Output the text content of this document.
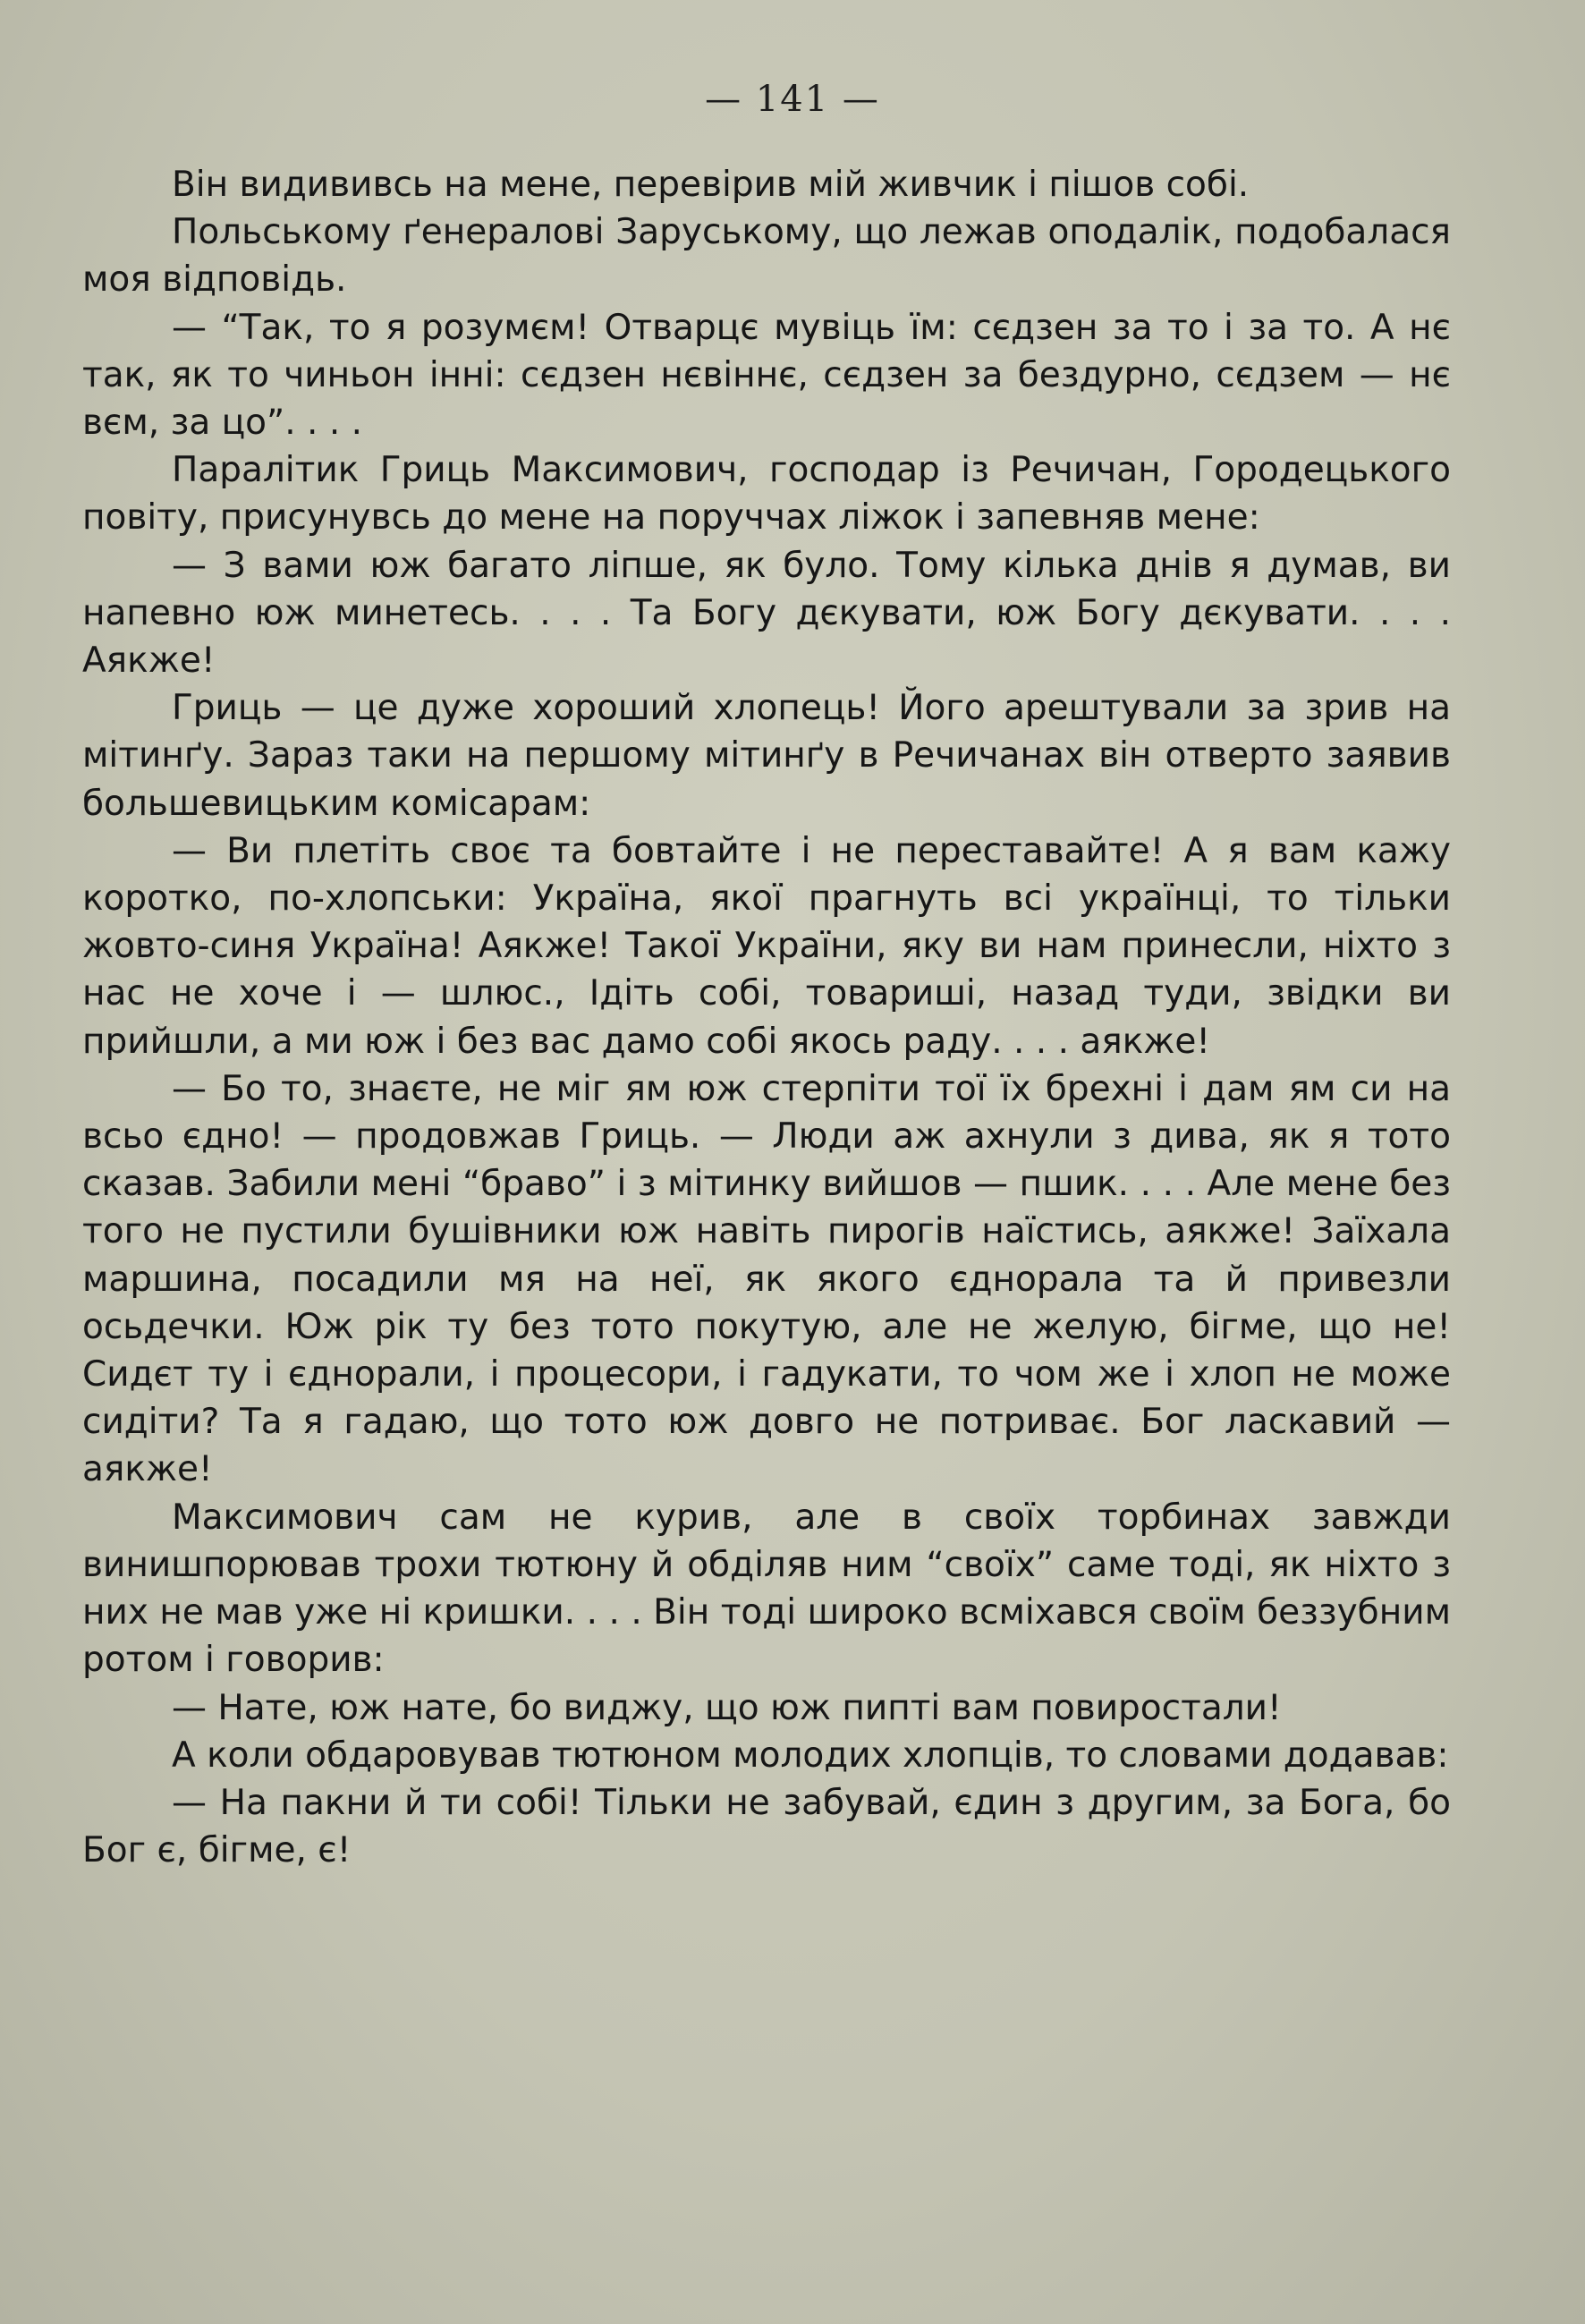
— 141 —

Він видививсь на мене, перевірив мій живчик і пішов собі.

Польському ґенералові Заруському, що лежав оподалік, подобалася моя відповідь.

— “Так, то я розумєм! Отварцє мувіць їм: сєдзен за то і за то. А нє так, як то чиньон інні: сєдзен нєвіннє, сєдзен за бездурно, сєдзем — нє вєм, за цо”. . . .

Паралітик Гриць Максимович, господар із Речичан, Городецького повіту, присунувсь до мене на поруччах ліжок і запевняв мене:

— З вами юж багато ліпше, як було. Тому кілька днів я думав, ви напевно юж минетесь. . . . Та Богу дєкувати, юж Богу дєкувати. . . . Аякже!

Гриць — це дуже хороший хлопець! Його арештували за зрив на мітинґу. Зараз таки на першому мітинґу в Речичанах він отверто заявив большевицьким комісарам:

— Ви плетіть своє та бовтайте і не переставайте! А я вам кажу коротко, по-хлопськи: Україна, якої прагнуть всі українці, то тільки жовто-синя Україна! Аякже! Такої України, яку ви нам принесли, ніхто з нас не хоче і — шлюс., Ідіть собі, товариші, назад туди, звідки ви прийшли, а ми юж і без вас дамо собі якось раду. . . . аякже!

— Бо то, знаєте, не міг ям юж стерпіти тої їх брехні і дам ям си на всьо єдно! — продовжав Гриць. — Люди аж ахнули з дива, як я тото сказав. Забили мені “браво” і з мітинку вийшов — пшик. . . . Але мене без того не пустили бушівники юж навіть пирогів наїстись, аякже! Заїхала маршина, посадили мя на неї, як якого єднорала та й привезли осьдечки. Юж рік ту без тото покутую, але не желую, бігме, що не! Сидєт ту і єднорали, і процесори, і гадукати, то чом же і хлоп не може сидіти? Та я гадаю, що тото юж довго не потриває. Бог ласкавий — аякже!

Максимович сам не курив, але в своїх торбинах завжди винишпорював трохи тютюну й обділяв ним “своїх” саме тоді, як ніхто з них не мав уже ні кришки. . . . Він тоді широко всміхався своїм беззубним ротом і говорив:

— Нате, юж нате, бо виджу, що юж пипті вам повиростали!

А коли обдаровував тютюном молодих хлопців, то словами додавав:

— На пакни й ти собі! Тільки не забувай, єдин з другим, за Бога, бо Бог є, бігме, є!
